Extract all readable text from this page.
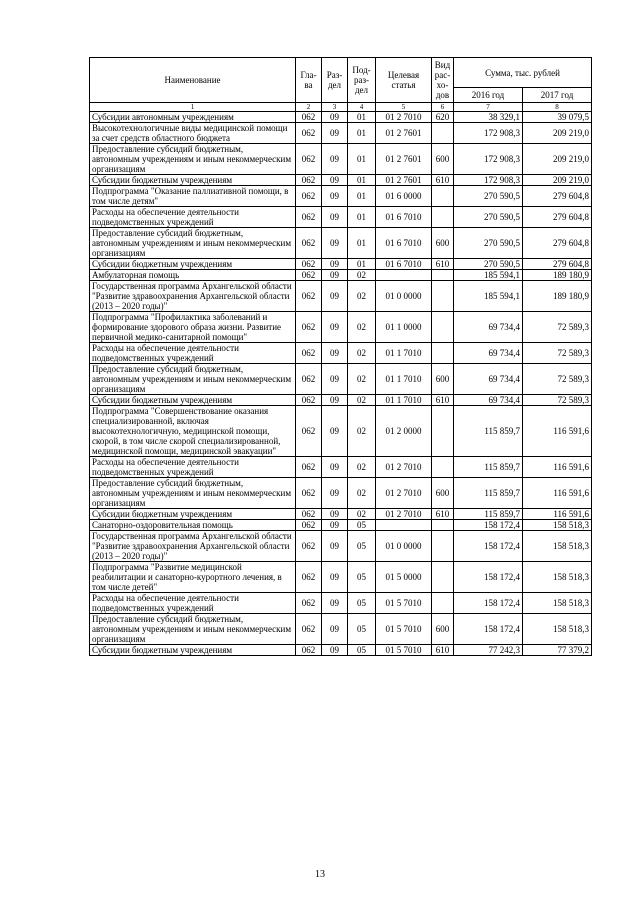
Наименование	Гла-ва	Раз-дел	Под-раз-дел	Целевая статья	Вид рас-хо-дов	Сумма, тыс. рублей	
						2016 год	2017 год
1	2	3	4	5	6	7	8
Субсидии автономным учреждениям	062	09	01	01 2 7010	620	38 329,1	39 079,5
Высокотехнологичные виды медицинской помощи за счет средств областного бюджета	062	09	01	01 2 7601		172 908,3	209 219,0
Предоставление субсидий бюджетным, автономным учреждениям и иным некоммерческим организациям	062	09	01	01 2 7601	600	172 908,3	209 219,0
Субсидии бюджетным учреждениям	062	09	01	01 2 7601	610	172 908,3	209 219,0
Подпрограмма "Оказание паллиативной помощи, в том числе детям"	062	09	01	01 6 0000		270 590,5	279 604,8
Расходы на обеспечение деятельности подведомственных учреждений	062	09	01	01 6 7010		270 590,5	279 604,8
Предоставление субсидий бюджетным, автономным учреждениям и иным некоммерческим организациям	062	09	01	01 6 7010	600	270 590,5	279 604,8
Субсидии бюджетным учреждениям	062	09	01	01 6 7010	610	270 590,5	279 604,8
Амбулаторная помощь	062	09	02			185 594,1	189 180,9
Государственная программа Архангельской области "Развитие здравоохранения Архангельской области (2013 – 2020 годы)"	062	09	02	01 0 0000		185 594,1	189 180,9
Подпрограмма "Профилактика заболеваний и формирование здорового образа жизни. Развитие первичной медико-санитарной помощи"	062	09	02	01 1 0000		69 734,4	72 589,3
Расходы на обеспечение деятельности подведомственных учреждений	062	09	02	01 1 7010		69 734,4	72 589,3
Предоставление субсидий бюджетным, автономным учреждениям и иным некоммерческим организациям	062	09	02	01 1 7010	600	69 734,4	72 589,3
Субсидии бюджетным учреждениям	062	09	02	01 1 7010	610	69 734,4	72 589,3
Подпрограмма "Совершенствование оказания специализированной, включая высокотехнологичную, медицинской помощи, скорой, в том числе скорой специализированной, медицинской помощи, медицинской эвакуации"	062	09	02	01 2 0000		115 859,7	116 591,6
Расходы на обеспечение деятельности подведомственных учреждений	062	09	02	01 2 7010		115 859,7	116 591,6
Предоставление субсидий бюджетным, автономным учреждениям и иным некоммерческим организациям	062	09	02	01 2 7010	600	115 859,7	116 591,6
Субсидии бюджетным учреждениям	062	09	02	01 2 7010	610	115 859,7	116 591,6
Санаторно-оздоровительная помощь	062	09	05			158 172,4	158 518,3
Государственная программа Архангельской области "Развитие здравоохранения Архангельской области (2013 – 2020 годы)"	062	09	05	01 0 0000		158 172,4	158 518,3
Подпрограмма "Развитие медицинской реабилитации и санаторно-курортного лечения, в том числе детей"	062	09	05	01 5 0000		158 172,4	158 518,3
Расходы на обеспечение деятельности подведомственных учреждений	062	09	05	01 5 7010		158 172,4	158 518,3
Предоставление субсидий бюджетным, автономным учреждениям и иным некоммерческим организациям	062	09	05	01 5 7010	600	158 172,4	158 518,3
Субсидии бюджетным учреждениям	062	09	05	01 5 7010	610	77 242,3	77 379,2
13
